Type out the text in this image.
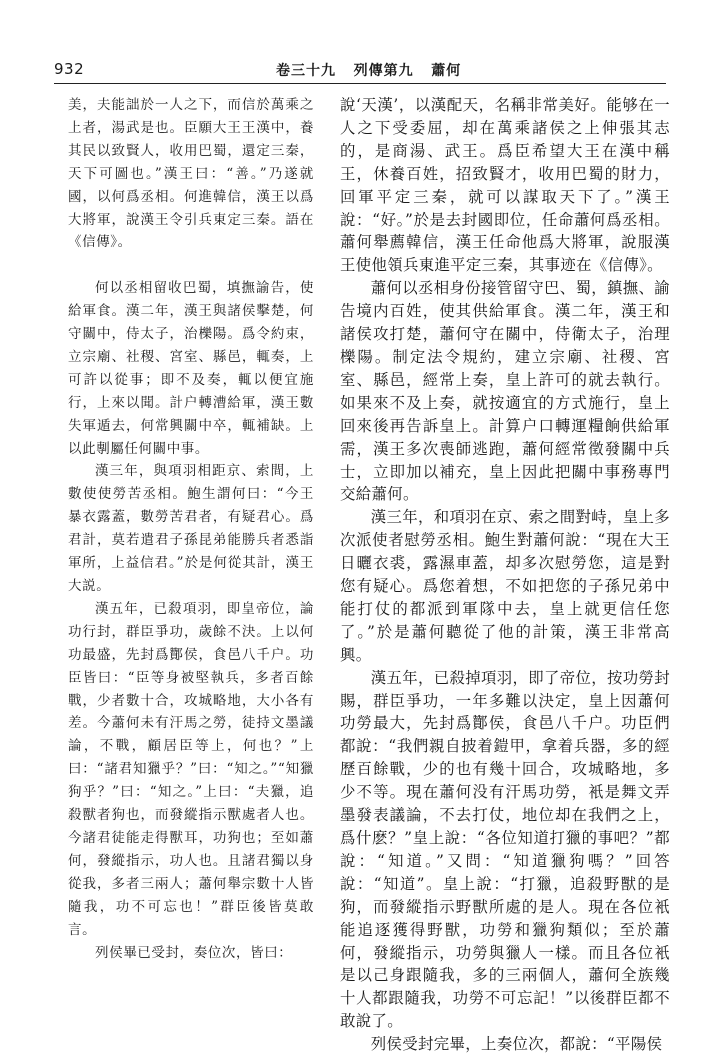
932	卷三十九   列傳第九   蕭何

美，夫能詘於一人之下，而信於萬乘之上者，湯武是也。臣願大王王漢中，養其民以致賢人，收用巴蜀，還定三秦，天下可圖也。”漢王曰：“善。”乃遂就國，以何爲丞相。何進韓信，漢王以爲大將軍，說漢王令引兵東定三秦。語在《信傳》。

何以丞相留收巴蜀，填撫諭告，使給軍食。漢二年，漢王與諸侯擊楚，何守關中，侍太子，治櫟陽。爲令約束，立宗廟、社稷、宮室、縣邑，輒奏，上可許以從事；即不及奏，輒以便宜施行，上來以聞。計户轉漕給軍，漢王數失軍遁去，何常興關中卒，輒補缺。上以此剸屬任何關中事。

漢三年，與項羽相距京、索間，上數使使勞苦丞相。鮑生謂何曰：“今王暴衣露蓋，數勞苦君者，有疑君心。爲君計，莫若遣君子孫昆弟能勝兵者悉詣軍所，上益信君。”於是何從其計，漢王大説。

漢五年，已殺項羽，即皇帝位，論功行封，群臣爭功，歲餘不決。上以何功最盛，先封爲酇侯，食邑八千户。功臣皆曰：“臣等身被堅執兵，多者百餘戰，少者數十合，攻城略地，大小各有差。今蕭何未有汗馬之勞，徒持文墨議論，不戰，顧居臣等上，何也？”上曰：“諸君知獵乎？”曰：“知之。”“知獵狗乎？”曰：“知之。”上曰：“夫獵，追殺獸者狗也，而發縱指示獸處者人也。今諸君徒能走得獸耳，功狗也；至如蕭何，發縱指示，功人也。且諸君獨以身從我，多者三兩人；蕭何舉宗數十人皆隨我，功不可忘也！”群臣後皆莫敢言。

列侯畢已受封，奏位次，皆曰：

說‘天漢’，以漢配天，名稱非常美好。能够在一人之下受委屈，却在萬乘諸侯之上伸張其志的，是商湯、武王。爲臣希望大王在漢中稱王，休養百姓，招致賢才，收用巴蜀的財力，回軍平定三秦，就可以謀取天下了。”漢王說：“好。”於是去封國即位，任命蕭何爲丞相。蕭何舉薦韓信，漢王任命他爲大將軍，說服漢王使他領兵東進平定三秦，其事迹在《信傳》。

蕭何以丞相身份接管留守巴、蜀，鎮撫、諭告境内百姓，使其供給軍食。漢二年，漢王和諸侯攻打楚，蕭何守在關中，侍衛太子，治理櫟陽。制定法令規約，建立宗廟、社稷、宮室、縣邑，經常上奏，皇上許可的就去執行。如果來不及上奏，就按適宜的方式施行，皇上回來後再告訴皇上。計算户口轉運糧餉供給軍需，漢王多次喪師逃跑，蕭何經常徵發關中兵士，立即加以補充，皇上因此把關中事務專門交給蕭何。

漢三年，和項羽在京、索之間對峙，皇上多次派使者慰勞丞相。鮑生對蕭何說：“現在大王日曬衣裘，露濕車蓋，却多次慰勞您，這是對您有疑心。爲您着想，不如把您的子孫兄弟中能打仗的都派到軍隊中去，皇上就更信任您了。”於是蕭何聽從了他的計策，漢王非常高興。

漢五年，已殺掉項羽，即了帝位，按功勞封賜，群臣爭功，一年多難以決定，皇上因蕭何功勞最大，先封爲酇侯，食邑八千户。功臣們都說：“我們親自披着鎧甲，拿着兵器，多的經歷百餘戰，少的也有幾十回合，攻城略地，多少不等。現在蕭何没有汗馬功勞，衹是舞文弄墨發表議論，不去打仗，地位却在我們之上，爲什麽？”皇上說：“各位知道打獵的事吧？”都說：“知道。”又問：“知道獵狗嗎？”回答說：“知道”。皇上說：“打獵，追殺野獸的是狗，而發縱指示野獸所處的是人。現在各位衹能追逐獲得野獸，功勞和獵狗類似；至於蕭何，發縱指示，功勞與獵人一樣。而且各位衹是以己身跟隨我，多的三兩個人，蕭何全族幾十人都跟隨我，功勞不可忘記！”以後群臣都不敢說了。

列侯受封完畢，上奏位次，都說：“平陽侯
